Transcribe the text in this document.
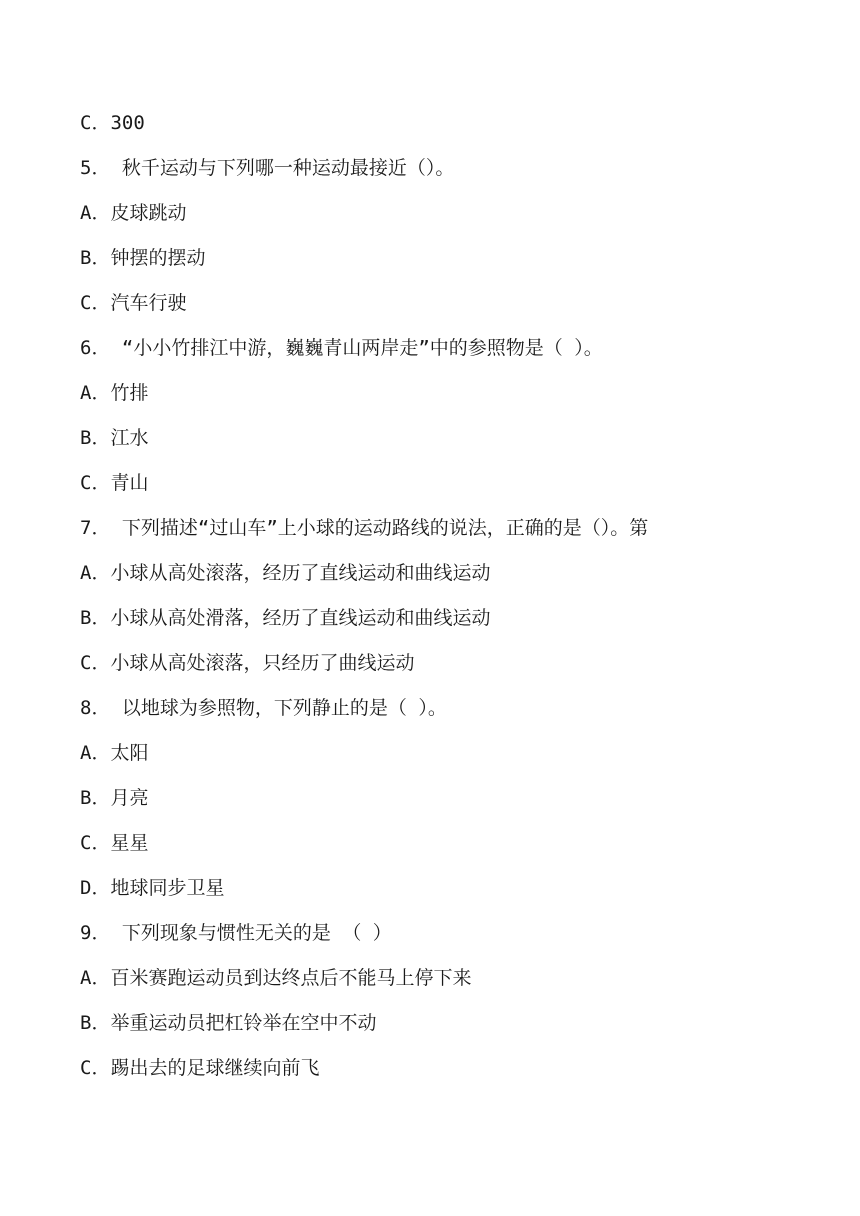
C．300
5． 秋千运动与下列哪一种运动最接近（）。
A．皮球跳动
B．钟摆的摆动
C．汽车行驶
6． “小小竹排江中游，巍巍青山两岸走”中的参照物是（ ）。
A．竹排
B．江水
C．青山
7． 下列描述“过山车”上小球的运动路线的说法，正确的是（）。第
A．小球从高处滚落，经历了直线运动和曲线运动
B．小球从高处滑落，经历了直线运动和曲线运动
C．小球从高处滚落，只经历了曲线运动
8． 以地球为参照物，下列静止的是（ ）。
A．太阳
B．月亮
C．星星
D．地球同步卫星
9． 下列现象与惯性无关的是 （ ）
A．百米赛跑运动员到达终点后不能马上停下来
B．举重运动员把杠铃举在空中不动
C．踢出去的足球继续向前飞
